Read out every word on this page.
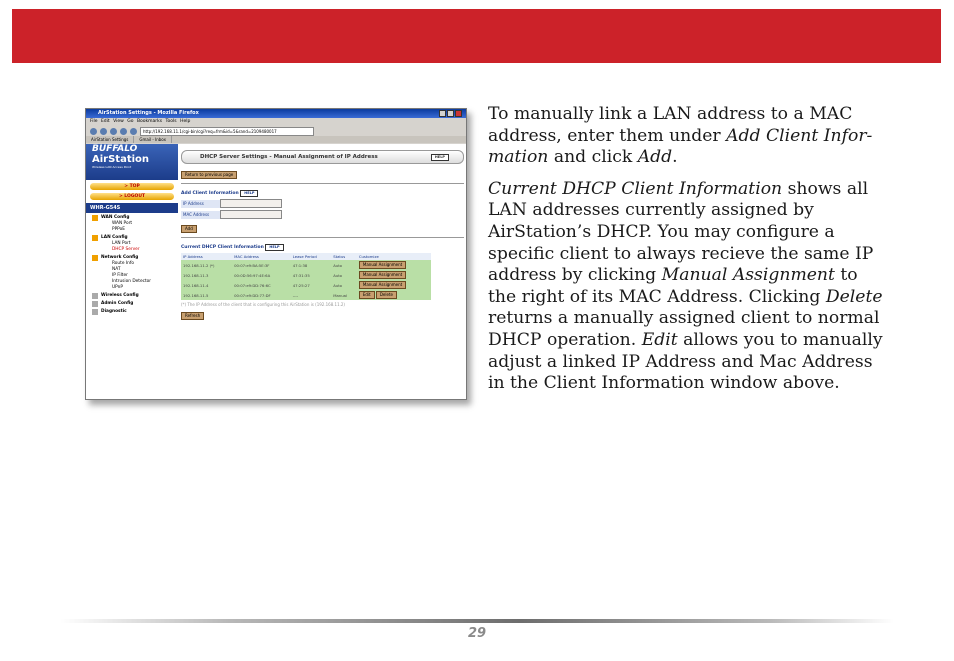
AirStation Settings - Mozilla Firefox
File Edit View Go Bookmarks Tools Help
http://192.168.11.1/cgi-bin/cgi?req=frm&id=5&rand=2109480017
AirStation Settings	Gmail - Inbox
BUFFALO
AirStation
Wireless LAN Access Point
> TOP
> LOGOUT
WHR-G54S
WAN Config
WAN Port
PPPoE
LAN Config
LAN Port
DHCP Server
Network Config
Route Info
NAT
IP Filter
Intrusion Detector
UPnP
Wireless Config
Admin Config
Diagnostic
DHCP Server Settings - Manual Assignment of IP Address	HELP
Return to previous page
Add Client Information HELP
IP Address
MAC Address
Add
Current DHCP Client Information HELP
IP Address	MAC Address	Lease Period	Status	Customize
192.168.11.2 (*)	00:07:e9:BA:5E:3F	47:1:38	Auto	Manual Assignment
192.168.11.3	00:0D:56:97:4E:6A	47:31:35	Auto	Manual Assignment
192.168.11.4	00:07:e9:DD:76:6C	47:25:27	Auto	Manual Assignment
192.168.11.5	00:07:e9:DD:77:DF	----	Manual	Edit Delete
(*) The IP Address of the client that is configuring this AirStation is (192.168.11.2)
Refresh

To manually link a LAN address to a MAC address, enter them under Add Client Infor-mation and click Add.

Current DHCP Client Information shows all LAN addresses currently assigned by AirStation’s DHCP. You may configure a specific client to always recieve the same IP address by clicking Manual Assignment to the right of its MAC Address. Clicking Delete returns a manually assigned client to normal DHCP operation. Edit allows you to manually adjust a linked IP Address and Mac Address in the Client Information window above.

29
